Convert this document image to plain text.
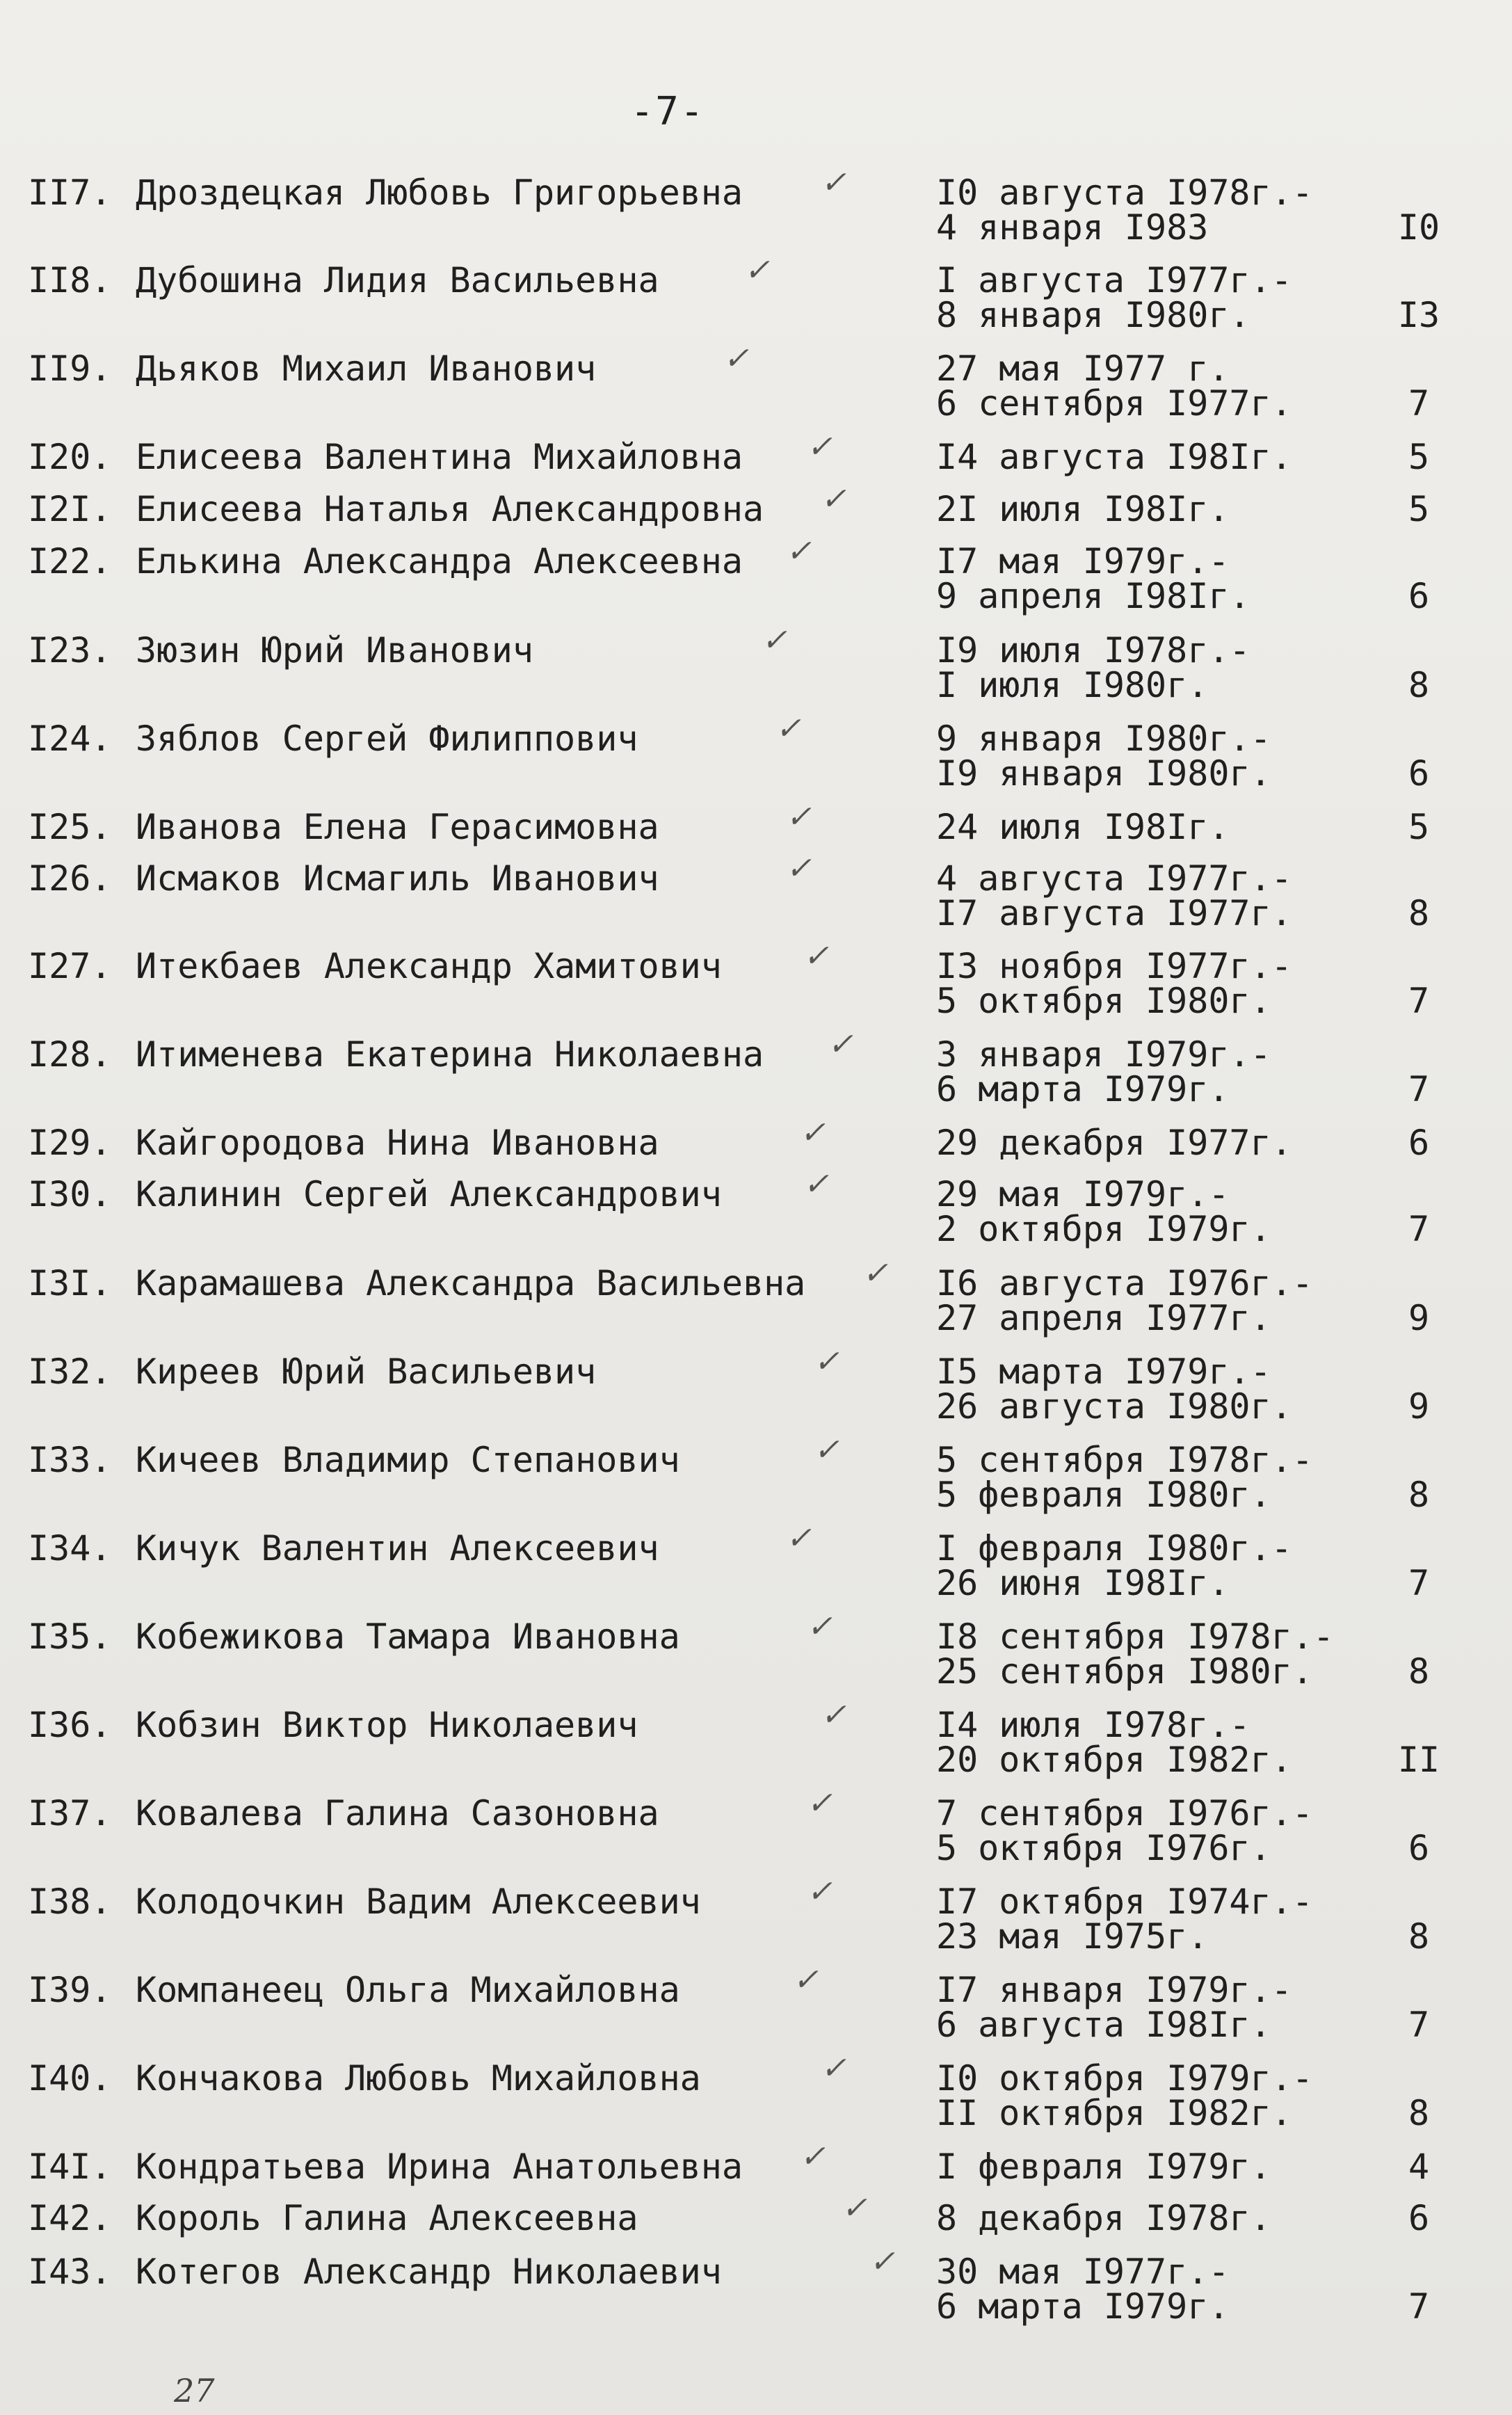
-7-
II7. Дроздецкая Любовь Григорьевна	✓	I0 августа I978г.-
4 января I983	I0
II8. Дубошина Лидия Васильевна	✓	I августа I977г.-
8 января I980г.	I3
II9. Дьяков Михаил Иванович	✓	27 мая I977 г.
6 сентября I977г.	7
I20. Елисеева Валентина Михайловна	✓	I4 августа I98Iг.	5
I2I. Елисеева Наталья Александровна	✓	2I июля I98Iг.	5
I22. Елькина Александра Алексеевна	✓	I7 мая I979г.-
9 апреля I98Iг.	6
I23. Зюзин Юрий Иванович	✓	I9 июля I978г.-
I июля I980г.	8
I24. Зяблов Сергей Филиппович	✓	9 января I980г.-
I9 января I980г.	6
I25. Иванова Елена Герасимовна	✓	24 июля I98Iг.	5
I26. Исмаков Исмагиль Иванович	✓	4 августа I977г.-
I7 августа I977г.	8
I27. Итекбаев Александр Хамитович	✓	I3 ноября I977г.-
5 октября I980г.	7
I28. Итименева Екатерина Николаевна	✓ 3 января I979г.-
6 марта I979г.	7
I29. Кайгородова Нина Ивановна	✓	29 декабря I977г.	6
I30. Калинин Сергей Александрович	✓	29 мая I979г.-
2 октября I979г.	7
I3I. Карамашева Александра Васильевна	✓ I6 августа I976г.-
27 апреля I977г.	9
I32. Киреев Юрий Васильевич	✓	I5 марта I979г.-
26 августа I980г.	9
I33. Кичеев Владимир Степанович	✓	5 сентября I978г.-
5 февраля I980г.	8
I34. Кичук Валентин Алексеевич	✓	I февраля I980г.-
26 июня I98Iг.	7
I35. Кобежикова Тамара Ивановна	✓	I8 сентября I978г.-
25 сентября I980г.	8
I36. Кобзин Виктор Николаевич	✓	I4 июля I978г.-
20 октября I982г.	II
I37. Ковалева Галина Сазоновна	✓	7 сентября I976г.-
5 октября I976г.	6
I38. Колодочкин Вадим Алексеевич	✓	I7 октября I974г.-
23 мая I975г.	8
I39. Компанеец Ольга Михайловна	✓	I7 января I979г.-
6 августа I98Iг.	7
I40. Кончакова Любовь Михайловна	✓	I0 октября I979г.-
II октября I982г.	8
I4I. Кондратьева Ирина Анатольевна	✓	I февраля I979г.	4
I42. Король Галина Алексеевна	✓ 8 декабря I978г.	6
I43. Котегов Александр Николаевич	✓ 30 мая I977г.-
6 марта I979г.	7
27
